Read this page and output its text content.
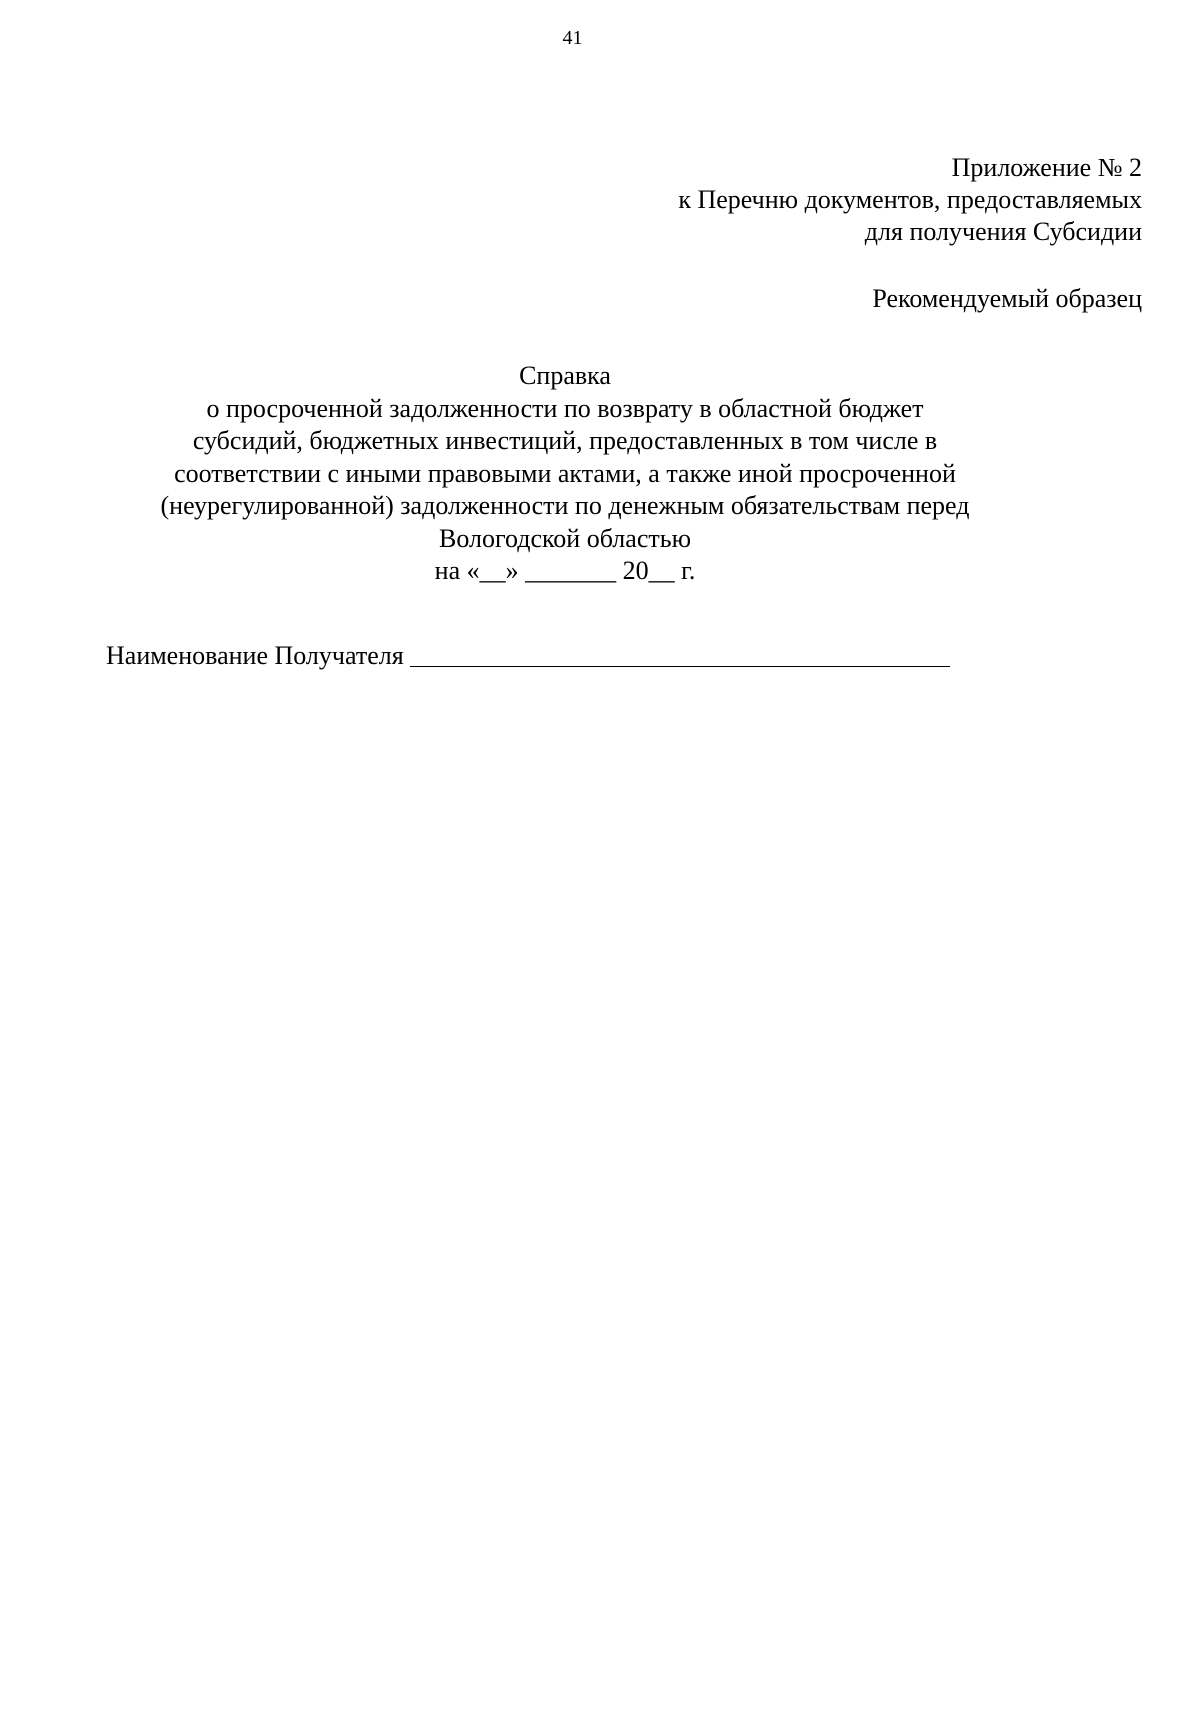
41
Приложение № 2
к Перечню документов, предоставляемых
для получения Субсидии
Рекомендуемый образец
Справка
о просроченной задолженности по возврату в областной бюджет
субсидий, бюджетных инвестиций, предоставленных в том числе в
соответствии с иными правовыми актами, а также иной просроченной
(неурегулированной) задолженности по денежным обязательствам перед
Вологодской областью
на «__» _______ 20__ г.
Наименование Получателя
